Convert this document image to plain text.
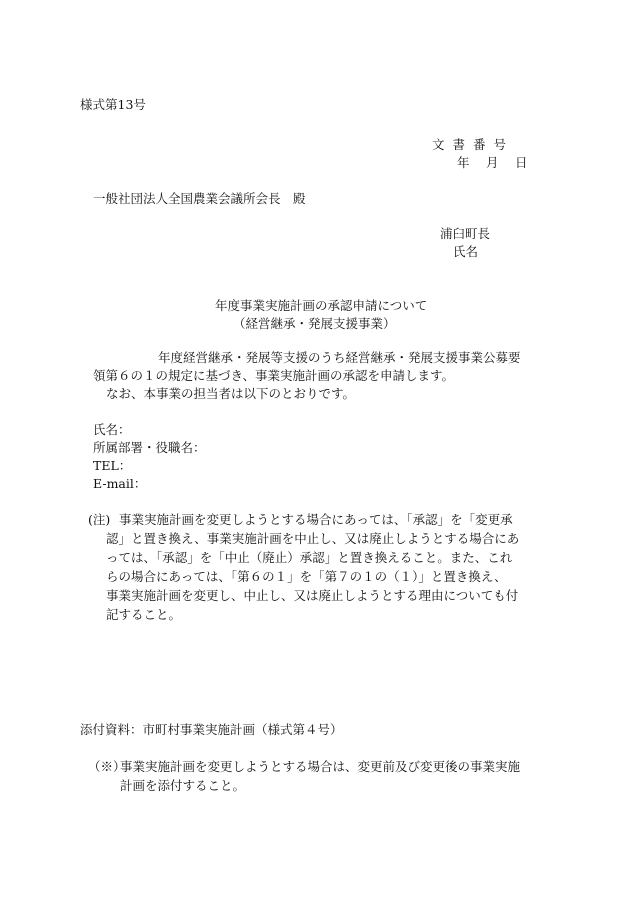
様式第13号
文書番号
年　月　日
一般社団法人全国農業会議所会長　殿
浦臼町長
氏名
年度事業実施計画の承認申請について
（経営継承・発展支援事業）
年度経営継承・発展等支援のうち経営継承・発展支援事業公募要
領第６の１の規定に基づき、事業実施計画の承認を申請します。
なお、本事業の担当者は以下のとおりです。
氏名：
所属部署・役職名：
TEL：
E-mail：
(注) 事業実施計画を変更しようとする場合にあっては、「承認」を「変更承
認」と置き換え、事業実施計画を中止し、又は廃止しようとする場合にあ
っては、「承認」を「中止（廃止）承認」と置き換えること。また、これ
らの場合にあっては、「第６の１」を「第７の１の（１）」と置き換え、
事業実施計画を変更し、中止し、又は廃止しようとする理由についても付
記すること。
添付資料：市町村事業実施計画（様式第４号）
（※）
事業実施計画を変更しようとする場合は、変更前及び変更後の事業実施
計画を添付すること。
